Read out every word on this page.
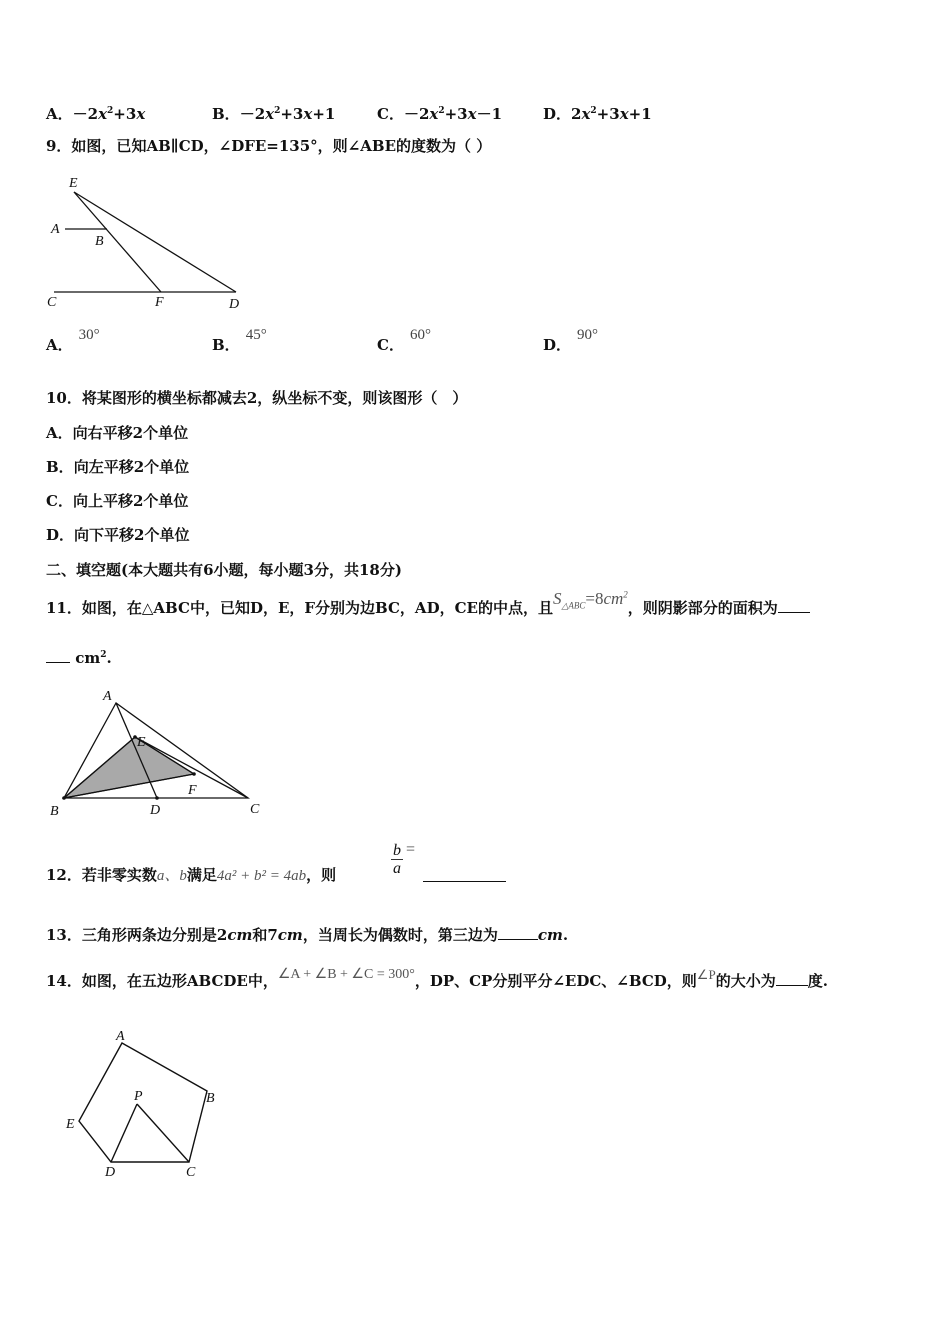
A．$-2x^2+3x$	B．$-2x^2+3x+1$	C．$-2x^2+3x-1$	D．$2x^2+3x+1$
9．如图，已知AB∥CD，∠DFE=135°，则∠ABE的度数为（ ）
E
A
B
C	F	D
A．30°
B．45°
C．60°
D．90°
10．将某图形的横坐标都减去2，纵坐标不变，则该图形（　）
A．向右平移2个单位
B．向左平移2个单位
C．向上平移2个单位
D．向下平移2个单位
二、填空题(本大题共有6小题，每小题3分，共18分)
11．如图，在△ABC中，已知D，E，F分别为边BC，AD，CE的中点，且$S_{\triangle ABC}=8cm^2$，则阴影部分的面积为
$cm^2$.
A
E
F
B	D	C
12．若非零实数a、b满足4a² + b² = 4ab，则	$\frac{b}{a}$ =
13．三角形两条边分别是2cm和7cm，当周长为偶数时，第三边为	cm.
14．如图，在五边形ABCDE中，∠A + ∠B + ∠C = 300°，DP、CP分别平分∠EDC、∠BCD，则∠P的大小为 度.
A
B
E
P
D	C
